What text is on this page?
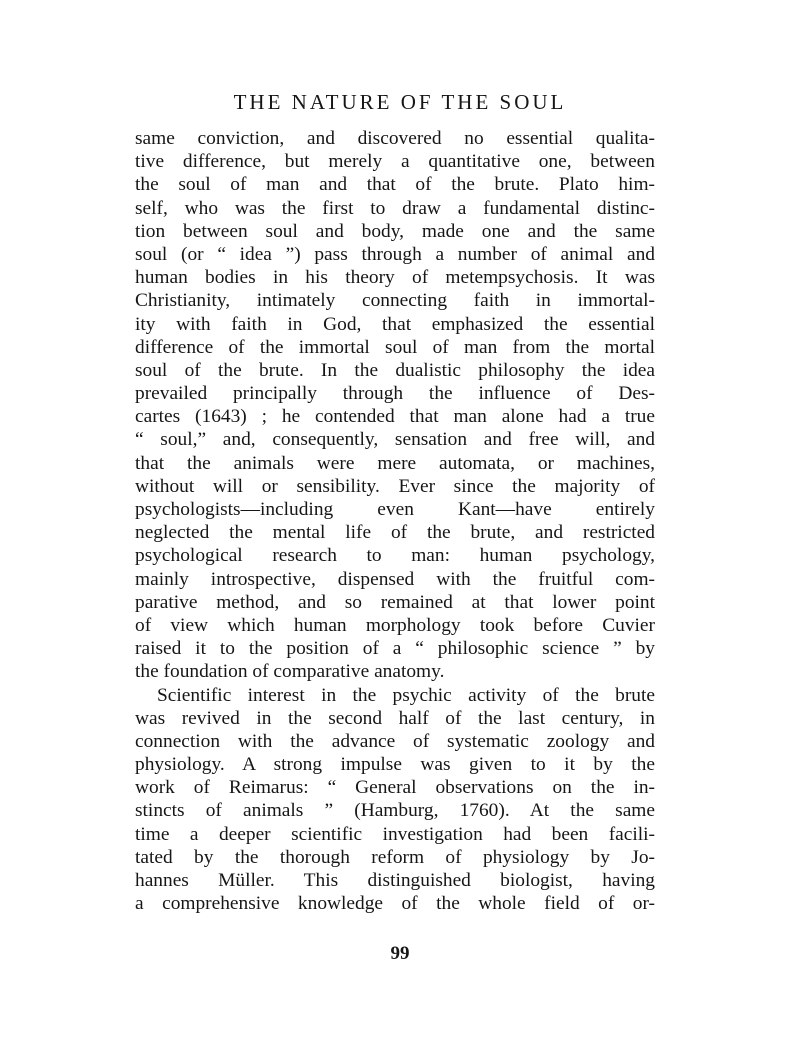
THE NATURE OF THE SOUL
same conviction, and discovered no essential qualita-
tive difference, but merely a quantitative one, between
the soul of man and that of the brute. Plato him-
self, who was the first to draw a fundamental distinc-
tion between soul and body, made one and the same
soul (or “ idea ”) pass through a number of animal and
human bodies in his theory of metempsychosis. It was
Christianity, intimately connecting faith in immortal-
ity with faith in God, that emphasized the essential
difference of the immortal soul of man from the mortal
soul of the brute. In the dualistic philosophy the idea
prevailed principally through the influence of Des-
cartes (1643) ; he contended that man alone had a true
“ soul,” and, consequently, sensation and free will, and
that the animals were mere automata, or machines,
without will or sensibility. Ever since the majority of
psychologists—including even Kant—have entirely
neglected the mental life of the brute, and restricted
psychological research to man: human psychology,
mainly introspective, dispensed with the fruitful com-
parative method, and so remained at that lower point
of view which human morphology took before Cuvier
raised it to the position of a “ philosophic science ” by
the foundation of comparative anatomy.
Scientific interest in the psychic activity of the brute
was revived in the second half of the last century, in
connection with the advance of systematic zoology and
physiology. A strong impulse was given to it by the
work of Reimarus: “ General observations on the in-
stincts of animals ” (Hamburg, 1760). At the same
time a deeper scientific investigation had been facili-
tated by the thorough reform of physiology by Jo-
hannes Müller. This distinguished biologist, having
a comprehensive knowledge of the whole field of or-

99
